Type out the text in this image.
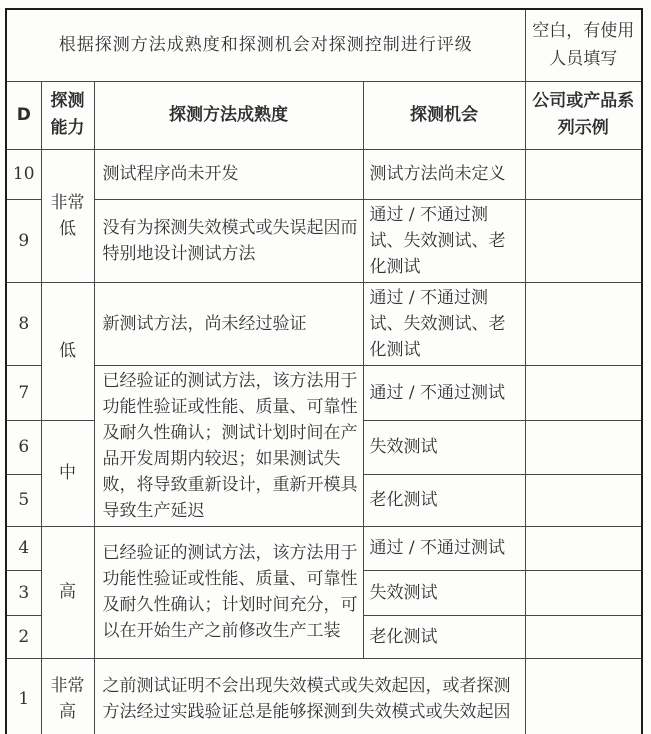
根据探测方法成熟度和探测机会对探测控制进行评级				空白，有使用人员填写
D	探测能力	探测方法成熟度	探测机会	公司或产品系列示例
10	非常低	测试程序尚未开发	测试方法尚未定义	
9		没有为探测失效模式或失误起因而特别地设计测试方法	通过 / 不通过测试、失效测试、老化测试	
8	低	新测试方法，尚未经过验证	通过 / 不通过测试、失效测试、老化测试	
7		已经验证的测试方法，该方法用于功能性验证或性能、质量、可靠性及耐久性确认；测试计划时间在产品开发周期内较迟；如果测试失败，将导致重新设计，重新开模具导致生产延迟	通过 / 不通过测试	
6	中		失效测试	
5			老化测试	
4	高	已经验证的测试方法，该方法用于功能性验证或性能、质量、可靠性及耐久性确认；计划时间充分，可以在开始生产之前修改生产工装	通过 / 不通过测试	
3			失效测试	
2			老化测试	
1	非常高	之前测试证明不会出现失效模式或失效起因，或者探测方法经过实践验证总是能够探测到失效模式或失效起因		
